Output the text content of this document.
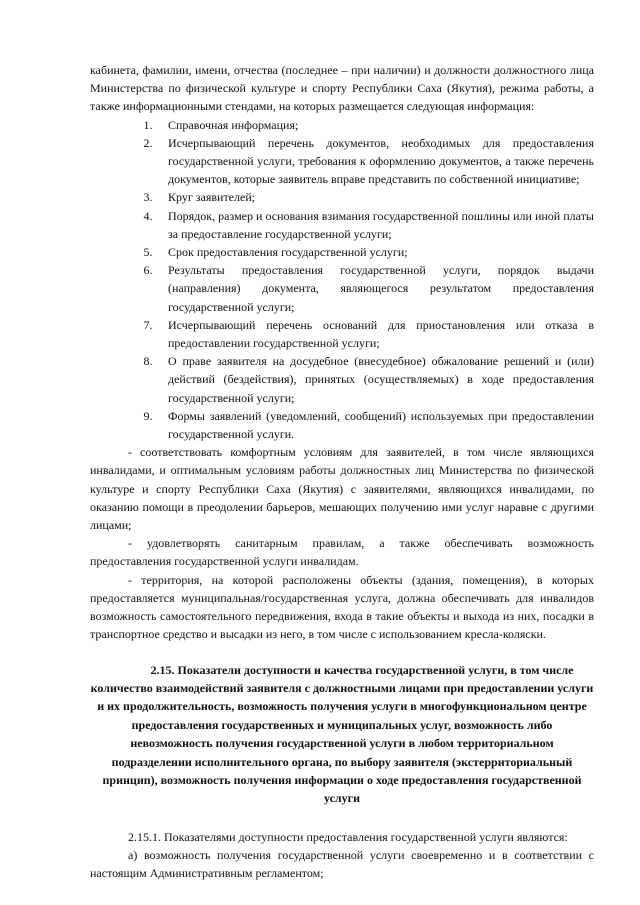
кабинета, фамилии, имени, отчества (последнее – при наличии) и должности должностного лица Министерства по физической культуре и спорту Республики Саха (Якутия), режима работы, а также информационными стендами, на которых размещается следующая информация:

1.	Справочная информация;

2.	Исчерпывающий перечень документов, необходимых для предоставления государственной услуги, требования к оформлению документов, а также перечень документов, которые заявитель вправе представить по собственной инициативе;

3.	Круг заявителей;

4.	Порядок, размер и основания взимания государственной пошлины или иной платы за предоставление государственной услуги;

5.	Срок предоставления государственной услуги;

6.	Результаты предоставления государственной услуги, порядок выдачи (направления) документа, являющегося результатом предоставления государственной услуги;

7.	Исчерпывающий перечень оснований для приостановления или отказа в предоставлении государственной услуги;

8.	О праве заявителя на досудебное (внесудебное) обжалование решений и (или) действий (бездействия), принятых (осуществляемых) в ходе предоставления государственной услуги;

9.	Формы заявлений (уведомлений, сообщений) используемых при предоставлении государственной услуги.

- соответствовать комфортным условиям для заявителей, в том числе являющихся инвалидами, и оптимальным условиям работы должностных лиц Министерства по физической культуре и спорту Республики Саха (Якутия) с заявителями, являющихся инвалидами, по оказанию помощи в преодолении барьеров, мешающих получению ими услуг наравне с другими лицами;

- удовлетворять санитарным правилам, а также обеспечивать возможность предоставления государственной услуги инвалидам.

- территория, на которой расположены объекты (здания, помещения), в которых предоставляется муниципальная/государственная услуга, должна обеспечивать для инвалидов возможность самостоятельного передвижения, входа в такие объекты и выхода из них, посадки в транспортное средство и высадки из него, в том числе с использованием кресла-коляски.

2.15. Показатели доступности и качества государственной услуги, в том числе количество взаимодействий заявителя с должностными лицами при предоставлении услуги и их продолжительность, возможность получения услуги в многофункциональном центре предоставления государственных и муниципальных услуг, возможность либо невозможность получения государственной услуги в любом территориальном подразделении исполнительного органа, по выбору заявителя (экстерриториальный принцип), возможность получения информации о ходе предоставления государственной услуги

2.15.1. Показателями доступности предоставления государственной услуги являются:

а) возможность получения государственной услуги своевременно и в соответствии с настоящим Административным регламентом;
